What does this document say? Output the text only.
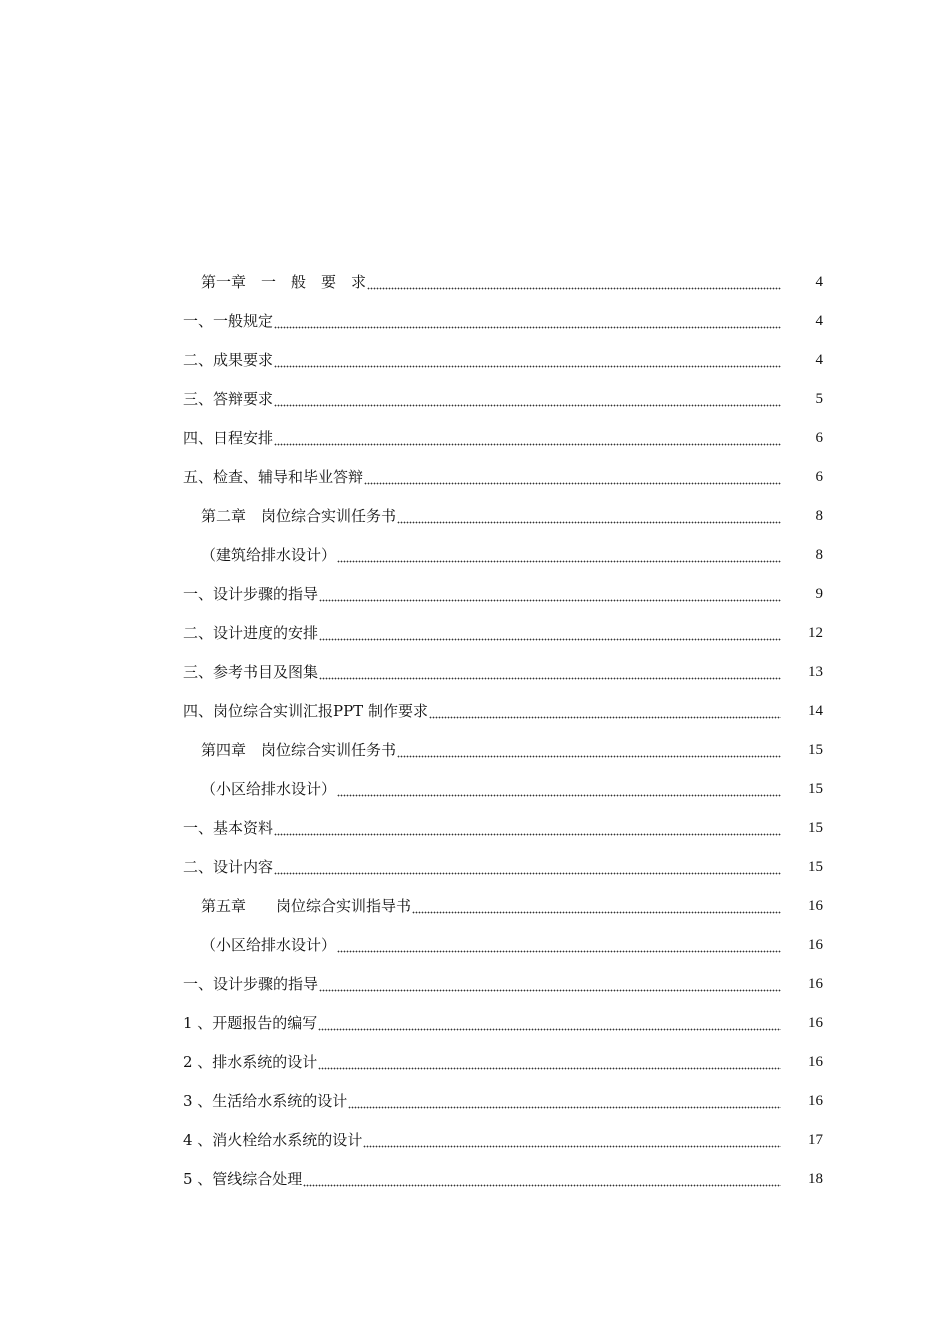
第一章　一　般　要　求	4
一、一般规定	4
二、成果要求	4
三、答辩要求	5
四、日程安排	6
五、检查、辅导和毕业答辩	6
第二章　岗位综合实训任务书	8
（建筑给排水设计）	8
一、设计步骤的指导	9
二、设计进度的安排	12
三、参考书目及图集	13
四、岗位综合实训汇报PPT 制作要求	14
第四章　岗位综合实训任务书	15
（小区给排水设计）	15
一、基本资料	15
二、设计内容	15
第五章　　岗位综合实训指导书	16
（小区给排水设计）	16
一、设计步骤的指导	16
1 、开题报告的编写	16
2 、排水系统的设计	16
3 、生活给水系统的设计	16
4 、消火栓给水系统的设计	17
5 、管线综合处理	18
